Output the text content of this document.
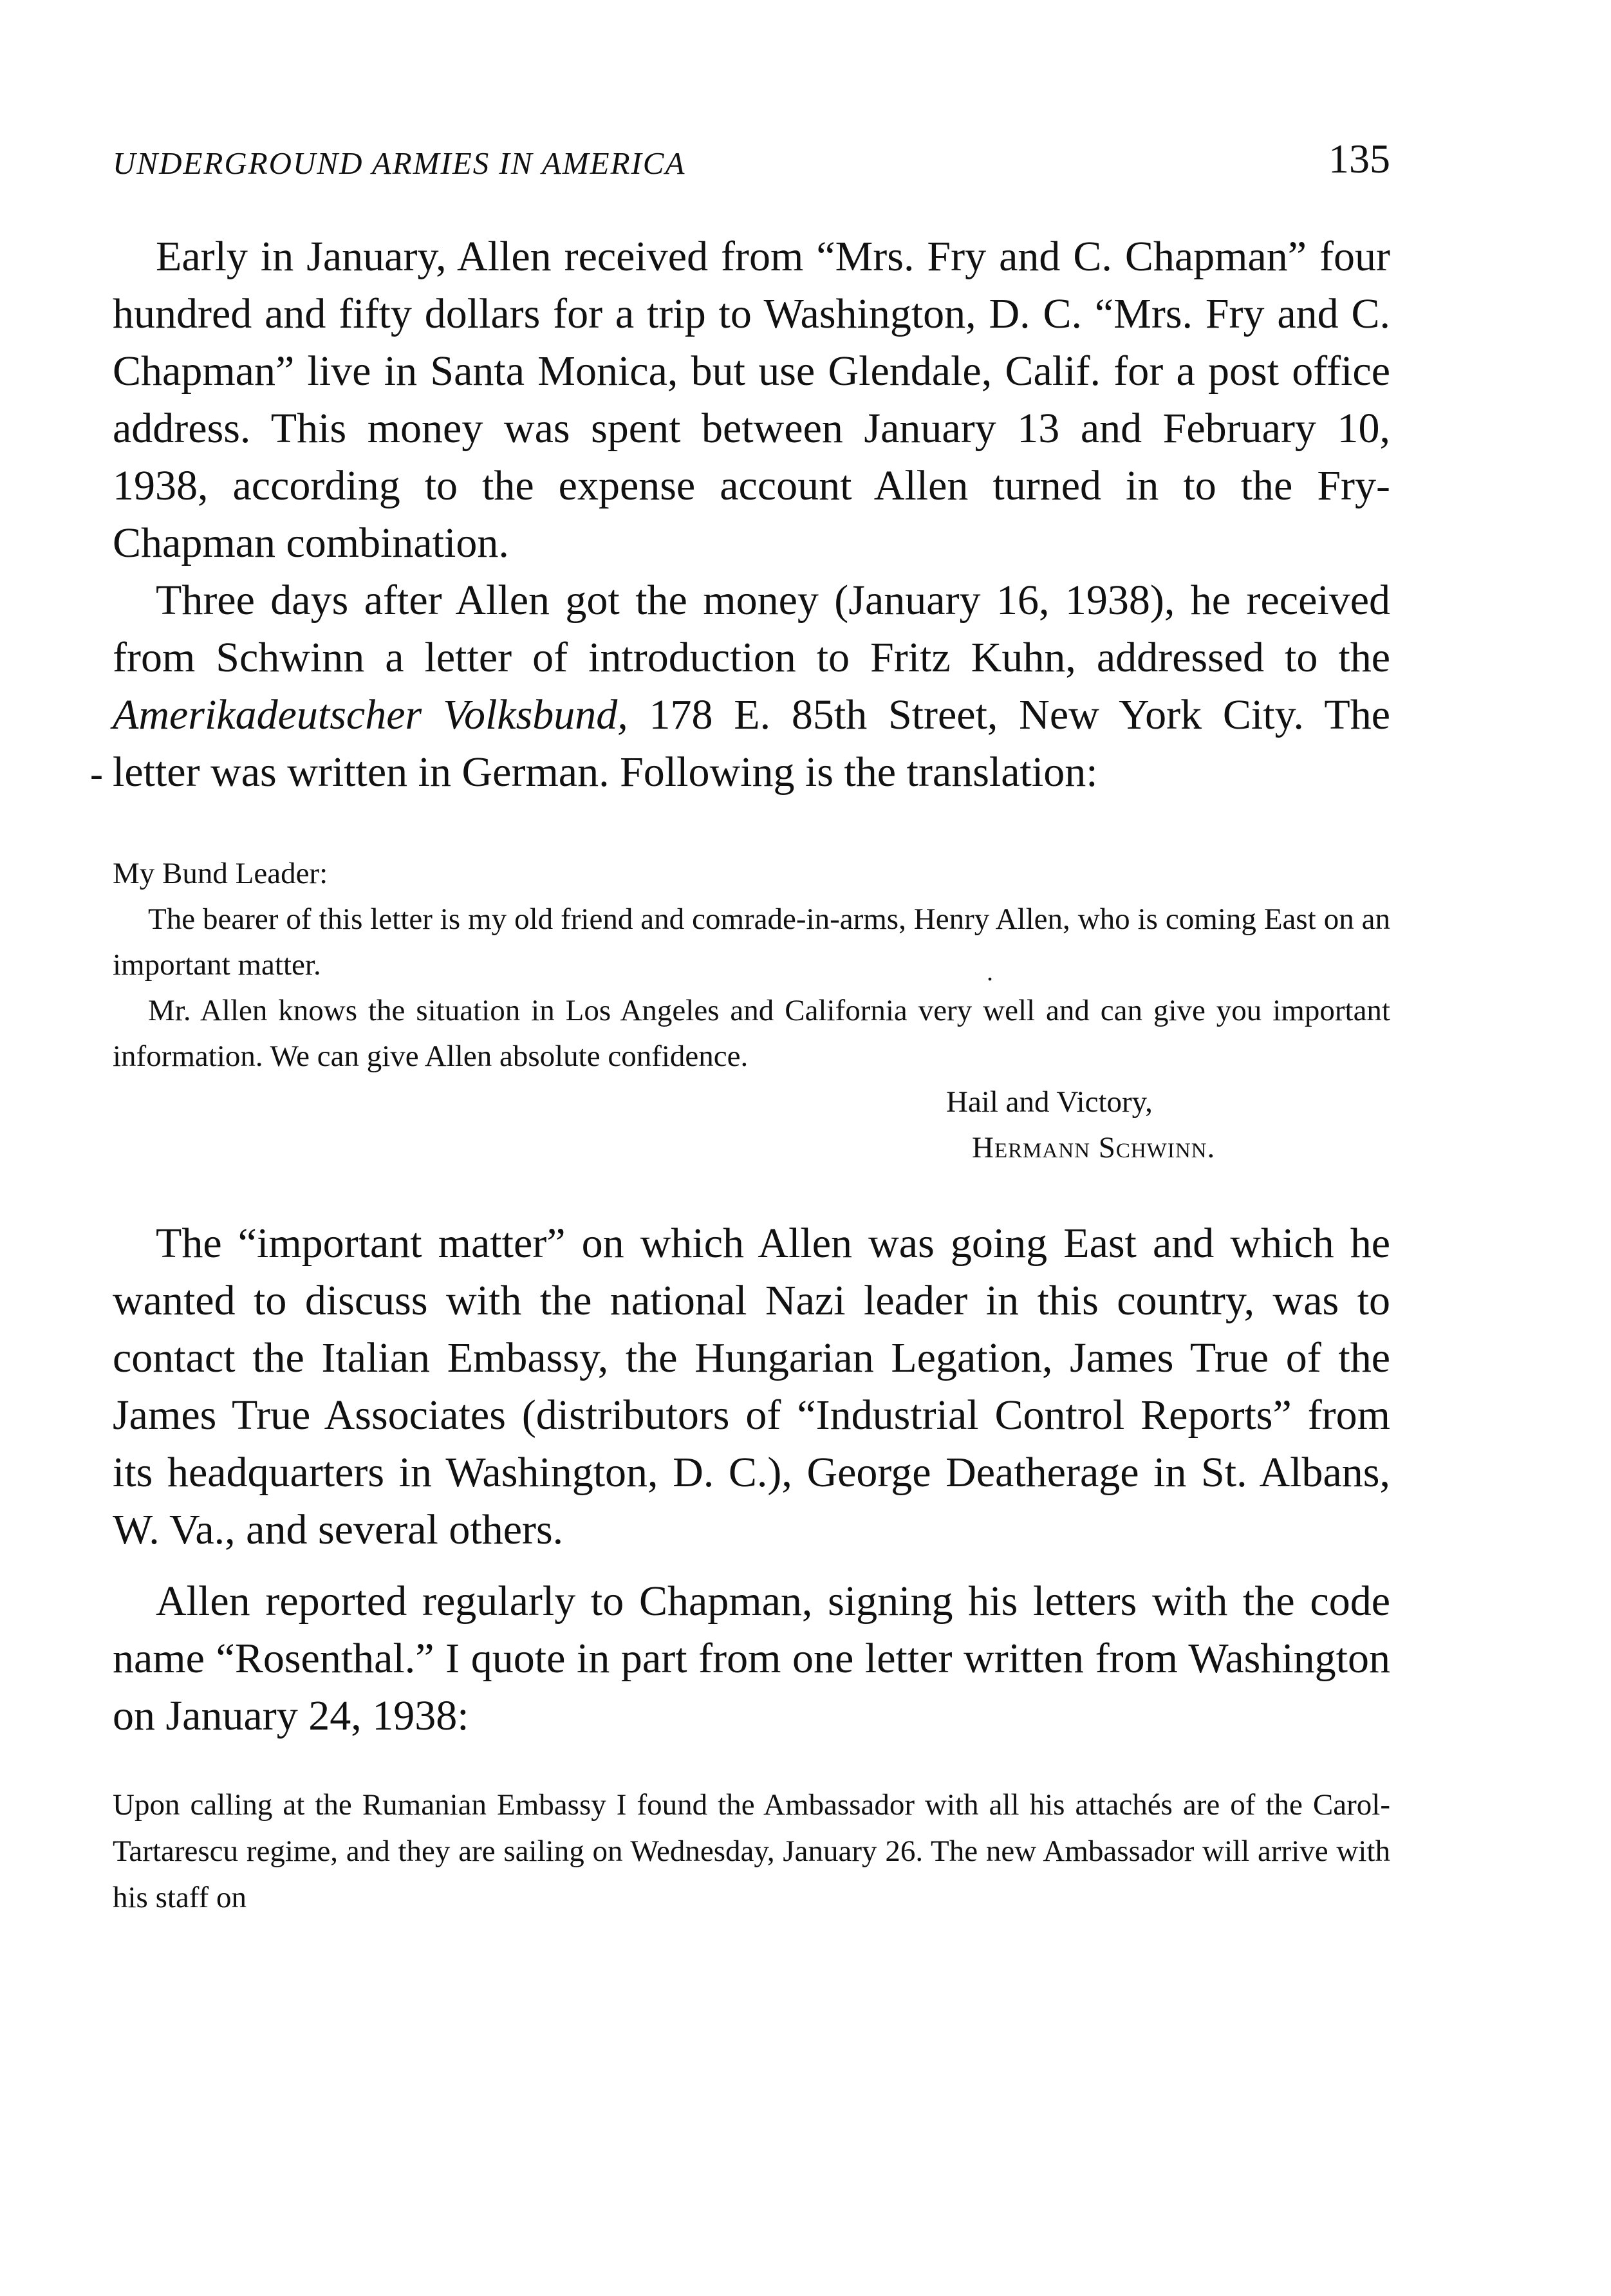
UNDERGROUND ARMIES IN AMERICA	135

Early in January, Allen received from “Mrs. Fry and C. Chapman” four hundred and fifty dollars for a trip to Washington, D. C. “Mrs. Fry and C. Chapman” live in Santa Monica, but use Glendale, Calif. for a post office address. This money was spent between January 13 and February 10, 1938, according to the expense account Allen turned in to the Fry-Chapman combination.

Three days after Allen got the money (January 16, 1938), he received from Schwinn a letter of introduction to Fritz Kuhn, addressed to the Amerikadeutscher Volksbund, 178 E. 85th Street, New York City. The letter was written in German. Following is the translation:

My Bund Leader:

The bearer of this letter is my old friend and comrade-in-arms, Henry Allen, who is coming East on an important matter.

Mr. Allen knows the situation in Los Angeles and California very well and can give you important information. We can give Allen absolute confidence.

Hail and Victory,

Hermann Schwinn.

The “important matter” on which Allen was going East and which he wanted to discuss with the national Nazi leader in this country, was to contact the Italian Embassy, the Hungarian Legation, James True of the James True Associates (distributors of “Industrial Control Reports” from its headquarters in Washington, D. C.), George Deatherage in St. Albans, W. Va., and several others.

Allen reported regularly to Chapman, signing his letters with the code name “Rosenthal.” I quote in part from one letter written from Washington on January 24, 1938:

Upon calling at the Rumanian Embassy I found the Ambassador with all his attachés are of the Carol-Tartarescu regime, and they are sailing on Wednesday, January 26. The new Ambassador will arrive with his staff on

-
.
